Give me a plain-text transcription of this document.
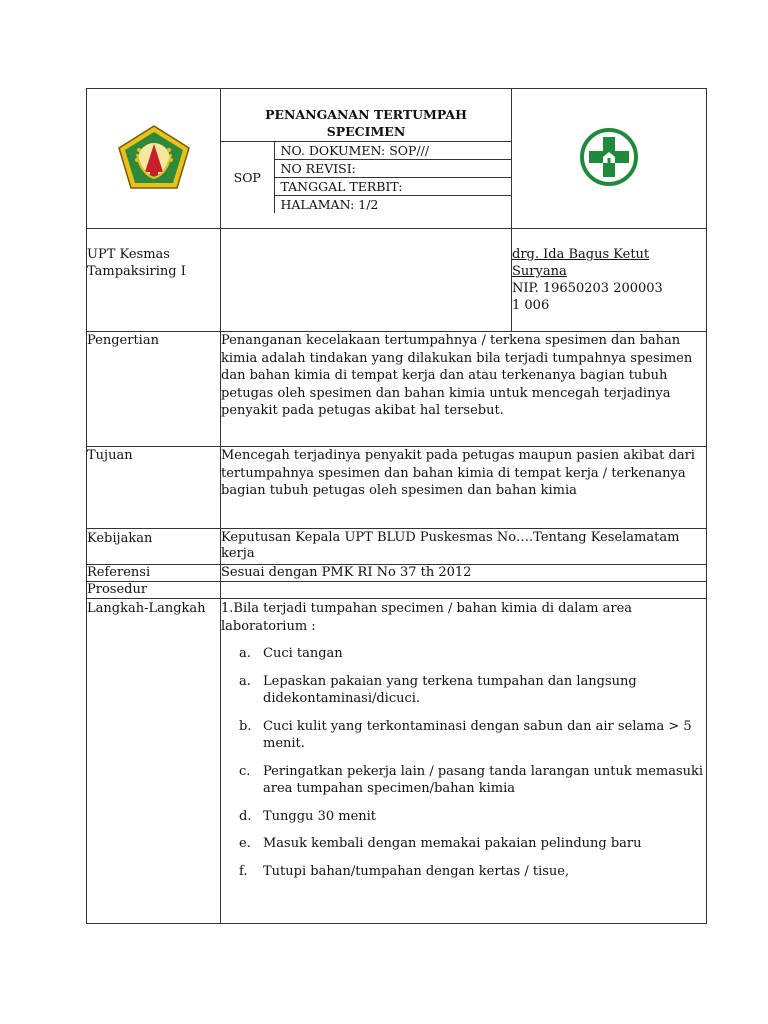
PENANGANAN TERTUMPAH
SPECIMEN
SOP	NO. DOKUMEN: SOP///
NO REVISI:
TANGGAL TERBIT:
HALAMAN: 1/2

UPT Kesmas
Tampaksiring I

drg. Ida Bagus Ketut
Suryana
NIP. 19650203 200003
1 006

Pengertian	Penanganan kecelakaan tertumpahnya / terkena spesimen dan bahan kimia adalah tindakan yang dilakukan bila terjadi tumpahnya spesimen dan bahan kimia di tempat kerja dan atau terkenanya bagian tubuh petugas oleh spesimen dan bahan kimia untuk mencegah terjadinya penyakit pada petugas akibat hal tersebut.
Tujuan	Mencegah terjadinya penyakit pada petugas maupun pasien akibat dari tertumpahnya spesimen dan bahan kimia di tempat kerja / terkenanya bagian tubuh petugas oleh spesimen dan bahan kimia
Kebijakan	Keputusan Kepala UPT BLUD Puskesmas No….Tentang Keselamatam kerja
Referensi	Sesuai dengan PMK RI No 37 th 2012
Prosedur	
Langkah-Langkah	1.Bila terjadi tumpahan specimen / bahan kimia di dalam area laboratorium :
a. Cuci tangan
a. Lepaskan pakaian yang terkena tumpahan dan langsung didekontaminasi/dicuci.
b. Cuci kulit yang terkontaminasi dengan sabun dan air selama > 5 menit.
c. Peringatkan pekerja lain / pasang tanda larangan untuk memasuki area tumpahan specimen/bahan kimia
d. Tunggu 30 menit
e. Masuk kembali dengan memakai pakaian pelindung baru
f.	Tutupi bahan/tumpahan dengan kertas / tisue,
